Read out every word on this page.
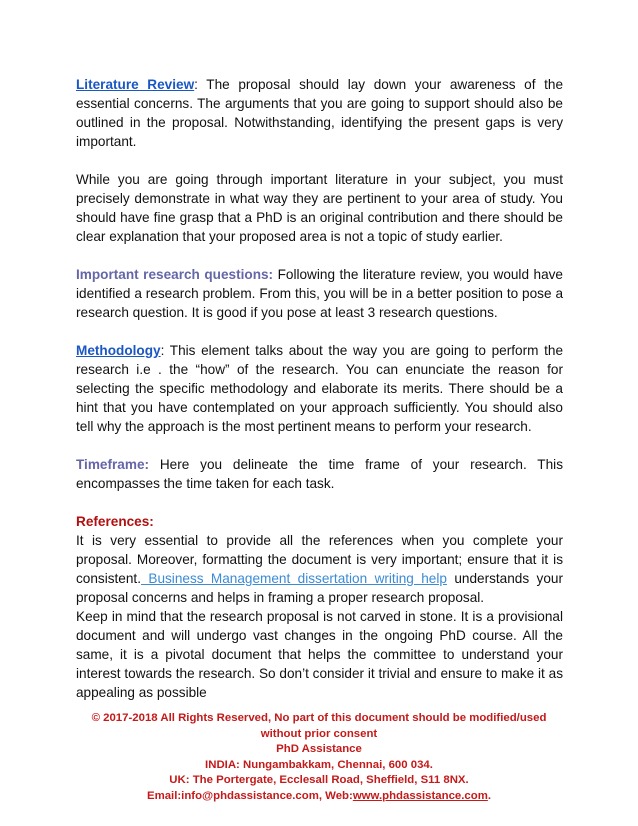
Literature Review: The proposal should lay down your awareness of the essential concerns. The arguments that you are going to support should also be outlined in the proposal. Notwithstanding, identifying the present gaps is very important.

While you are going through important literature in your subject, you must precisely demonstrate in what way they are pertinent to your area of study. You should have fine grasp that a PhD is an original contribution and there should be clear explanation that your proposed area is not a topic of study earlier.

Important research questions: Following the literature review, you would have identified a research problem. From this, you will be in a better position to pose a research question. It is good if you pose at least 3 research questions.

Methodology: This element talks about the way you are going to perform the research i.e . the “how” of the research. You can enunciate the reason for selecting the specific methodology and elaborate its merits. There should be a hint that you have contemplated on your approach sufficiently. You should also tell why the approach is the most pertinent means to perform your research.

Timeframe: Here you delineate the time frame of your research. This encompasses the time taken for each task.

References:

It is very essential to provide all the references when you complete your proposal. Moreover, formatting the document is very important; ensure that it is consistent. Business Management dissertation writing help understands your proposal concerns and helps in framing a proper research proposal.

Keep in mind that the research proposal is not carved in stone. It is a provisional document and will undergo vast changes in the ongoing PhD course. All the same, it is a pivotal document that helps the committee to understand your interest towards the research. So don’t consider it trivial and ensure to make it as appealing as possible

© 2017-2018 All Rights Reserved, No part of this document should be modified/used
without prior consent
PhD Assistance
INDIA: Nungambakkam, Chennai, 600 034.
UK: The Portergate, Ecclesall Road, Sheffield, S11 8NX.
Email:info@phdassistance.com, Web:www.phdassistance.com.
